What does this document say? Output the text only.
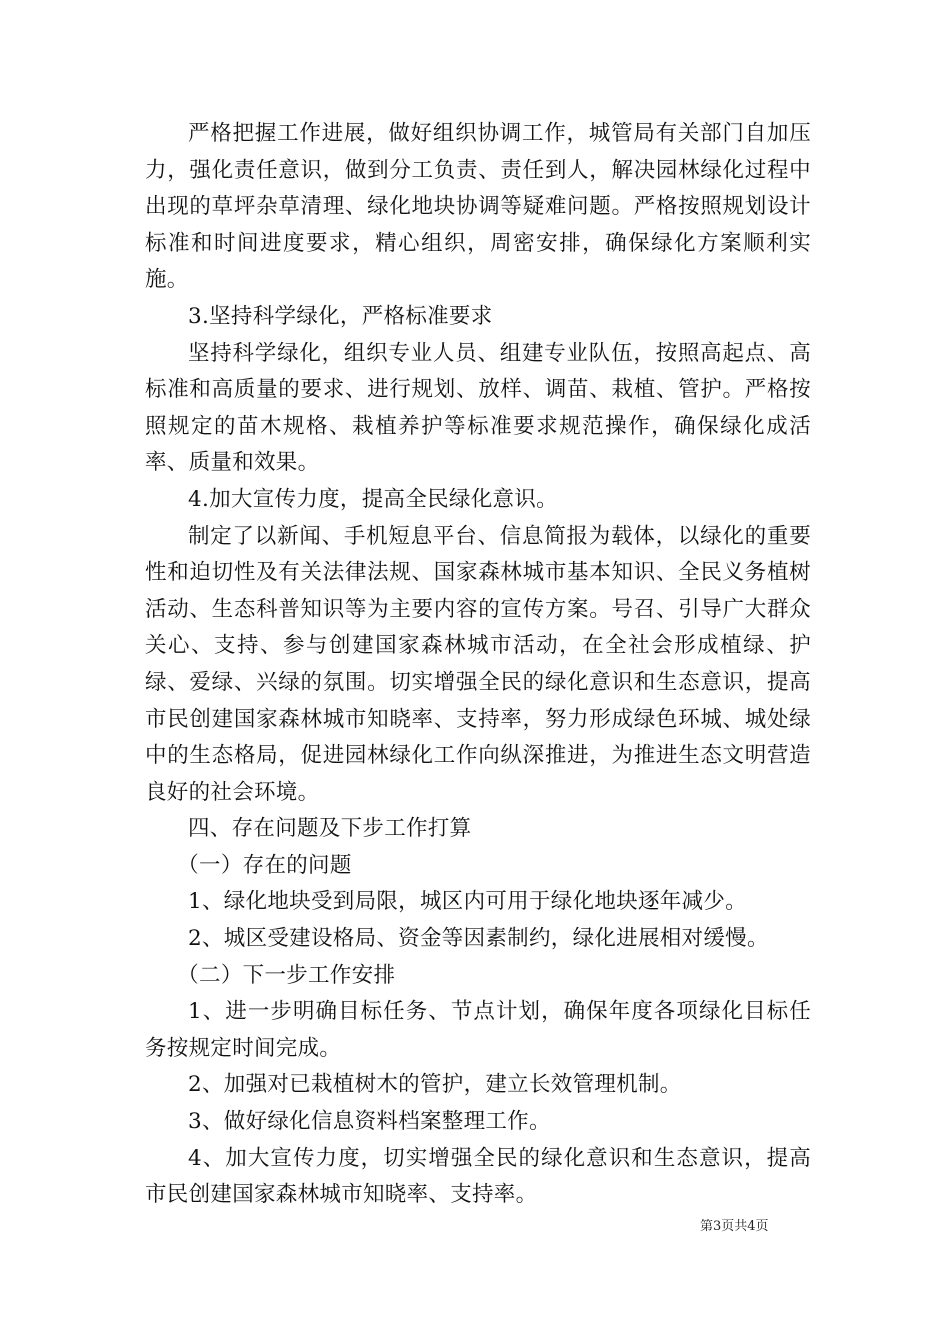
严格把握工作进展，做好组织协调工作，城管局有关部门自加压力，强化责任意识，做到分工负责、责任到人，解决园林绿化过程中出现的草坪杂草清理、绿化地块协调等疑难问题。严格按照规划设计标准和时间进度要求，精心组织，周密安排，确保绿化方案顺利实施。

3.坚持科学绿化，严格标准要求

坚持科学绿化，组织专业人员、组建专业队伍，按照高起点、高标准和高质量的要求、进行规划、放样、调苗、栽植、管护。严格按照规定的苗木规格、栽植养护等标准要求规范操作，确保绿化成活率、质量和效果。

4.加大宣传力度，提高全民绿化意识。

制定了以新闻、手机短息平台、信息简报为载体，以绿化的重要性和迫切性及有关法律法规、国家森林城市基本知识、全民义务植树活动、生态科普知识等为主要内容的宣传方案。号召、引导广大群众关心、支持、参与创建国家森林城市活动，在全社会形成植绿、护绿、爱绿、兴绿的氛围。切实增强全民的绿化意识和生态意识，提高市民创建国家森林城市知晓率、支持率，努力形成绿色环城、城处绿中的生态格局，促进园林绿化工作向纵深推进，为推进生态文明营造良好的社会环境。

四、存在问题及下步工作打算

（一）存在的问题

1、绿化地块受到局限，城区内可用于绿化地块逐年减少。

2、城区受建设格局、资金等因素制约，绿化进展相对缓慢。

（二）下一步工作安排

1、进一步明确目标任务、节点计划，确保年度各项绿化目标任务按规定时间完成。

2、加强对已栽植树木的管护，建立长效管理机制。

3、做好绿化信息资料档案整理工作。

4、加大宣传力度，切实增强全民的绿化意识和生态意识，提高市民创建国家森林城市知晓率、支持率。

第3页共4页
